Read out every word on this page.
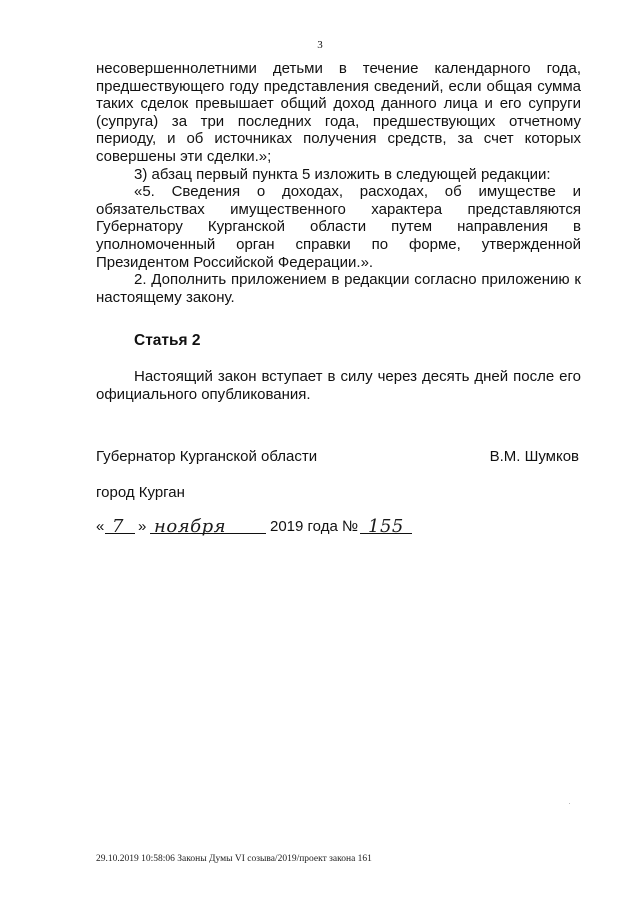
3

несовершеннолетними детьми в течение календарного года, предшествующего году представления сведений, если общая сумма таких сделок превышает общий доход данного лица и его супруги (супруга) за три последних года, предшествующих отчетному периоду, и об источниках получения средств, за счет которых совершены эти сделки.»;

3) абзац первый пункта 5 изложить в следующей редакции:

«5. Сведения о доходах, расходах, об имуществе и обязательствах имущественного характера представляются Губернатору Курганской области путем направления в уполномоченный орган справки по форме, утвержденной Президентом Российской Федерации.».

2. Дополнить приложением в редакции согласно приложению к настоящему закону.

Статья 2

Настоящий закон вступает в силу через десять дней после его официального опубликования.

Губернатор Курганской области	В.М. Шумков
город Курган
« 7 » ноября	2019 года № 155
29.10.2019 10:58:06 Законы Думы VI созыва/2019/проект закона 161
